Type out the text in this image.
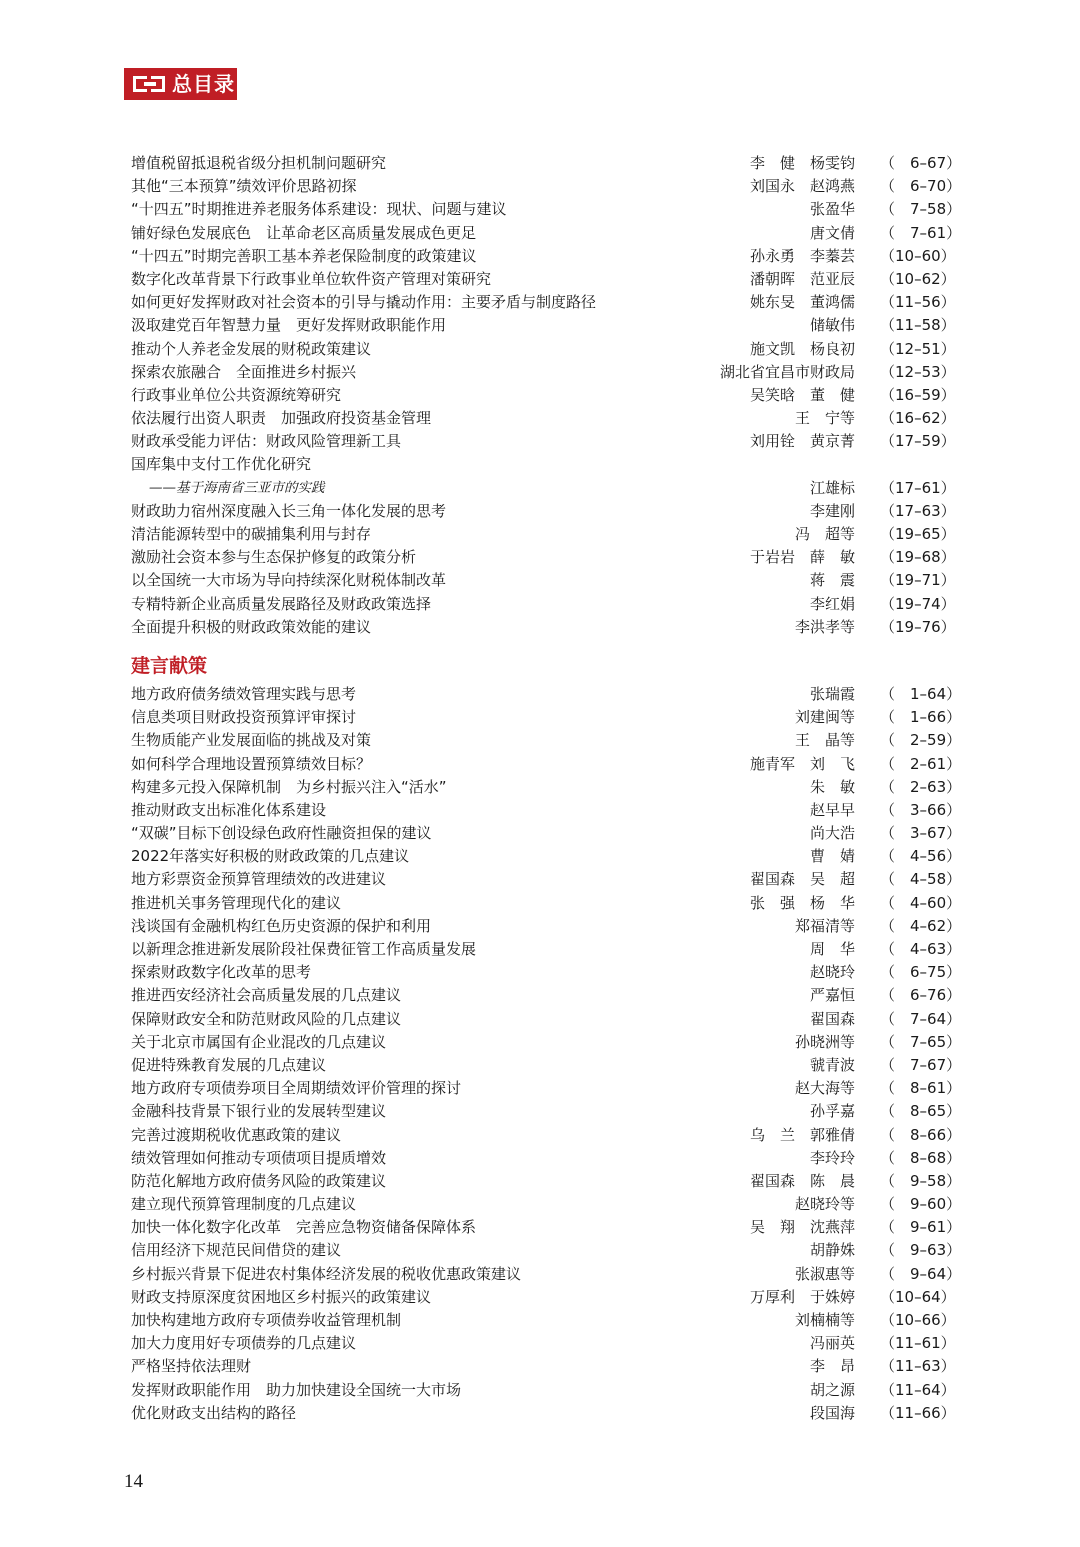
总目录
增值税留抵退税省级分担机制问题研究	李　健　杨雯钧 （　6–67）
其他“三本预算”绩效评价思路初探	刘国永　赵鸿燕 （　6–70）
“十四五”时期推进养老服务体系建设：现状、问题与建议	张盈华 （　7–58）
铺好绿色发展底色　让革命老区高质量发展成色更足	唐文倩 （　7–61）
“十四五”时期完善职工基本养老保险制度的政策建议	孙永勇　李蓁芸 （10–60）
数字化改革背景下行政事业单位软件资产管理对策研究	潘朝晖　范亚辰 （10–62）
如何更好发挥财政对社会资本的引导与撬动作用：主要矛盾与制度路径	姚东旻　董鸿儒 （11–56）
汲取建党百年智慧力量　更好发挥财政职能作用	储敏伟 （11–58）
推动个人养老金发展的财税政策建议	施文凯　杨良初 （12–51）
探索农旅融合　全面推进乡村振兴	湖北省宜昌市财政局 （12–53）
行政事业单位公共资源统筹研究	吴笑晗　董　健 （16–59）
依法履行出资人职责　加强政府投资基金管理	王　宁等 （16–62）
财政承受能力评估：财政风险管理新工具	刘用铨　黄京菁 （17–59）
国库集中支付工作优化研究
——基于海南省三亚市的实践	江雄标 （17–61）
财政助力宿州深度融入长三角一体化发展的思考	李建刚 （17–63）
清洁能源转型中的碳捕集利用与封存	冯　超等 （19–65）
激励社会资本参与生态保护修复的政策分析	于岩岩　薛　敏 （19–68）
以全国统一大市场为导向持续深化财税体制改革	蒋　震 （19–71）
专精特新企业高质量发展路径及财政政策选择	李红娟 （19–74）
全面提升积极的财政政策效能的建议	李洪孝等 （19–76）
建言献策
地方政府债务绩效管理实践与思考	张瑞霞 （　1–64）
信息类项目财政投资预算评审探讨	刘建闽等 （　1–66）
生物质能产业发展面临的挑战及对策	王　晶等 （　2–59）
如何科学合理地设置预算绩效目标？	施青军　刘　飞 （　2–61）
构建多元投入保障机制　为乡村振兴注入“活水”	朱　敏 （　2–63）
推动财政支出标准化体系建设	赵早早 （　3–66）
“双碳”目标下创设绿色政府性融资担保的建议	尚大浩 （　3–67）
2022年落实好积极的财政政策的几点建议	曹　婧 （　4–56）
地方彩票资金预算管理绩效的改进建议	翟国森　吴　超 （　4–58）
推进机关事务管理现代化的建议	张　强　杨　华 （　4–60）
浅谈国有金融机构红色历史资源的保护和利用	郑福清等 （　4–62）
以新理念推进新发展阶段社保费征管工作高质量发展	周　华 （　4–63）
探索财政数字化改革的思考	赵晓玲 （　6–75）
推进西安经济社会高质量发展的几点建议	严嘉恒 （　6–76）
保障财政安全和防范财政风险的几点建议	翟国森 （　7–64）
关于北京市属国有企业混改的几点建议	孙晓洲等 （　7–65）
促进特殊教育发展的几点建议	虢青波 （　7–67）
地方政府专项债券项目全周期绩效评价管理的探讨	赵大海等 （　8–61）
金融科技背景下银行业的发展转型建议	孙孚嘉 （　8–65）
完善过渡期税收优惠政策的建议	乌　兰　郭雅倩 （　8–66）
绩效管理如何推动专项债项目提质增效	李玲玲 （　8–68）
防范化解地方政府债务风险的政策建议	翟国森　陈　晨 （　9–58）
建立现代预算管理制度的几点建议	赵晓玲等 （　9–60）
加快一体化数字化改革　完善应急物资储备保障体系	吴　翔　沈燕萍 （　9–61）
信用经济下规范民间借贷的建议	胡静姝 （　9–63）
乡村振兴背景下促进农村集体经济发展的税收优惠政策建议	张淑惠等 （　9–64）
财政支持原深度贫困地区乡村振兴的政策建议	万厚利　于姝婷 （10–64）
加快构建地方政府专项债券收益管理机制	刘楠楠等 （10–66）
加大力度用好专项债券的几点建议	冯丽英 （11–61）
严格坚持依法理财	李　昂 （11–63）
发挥财政职能作用　助力加快建设全国统一大市场	胡之源 （11–64）
优化财政支出结构的路径	段国海 （11–66）
14
